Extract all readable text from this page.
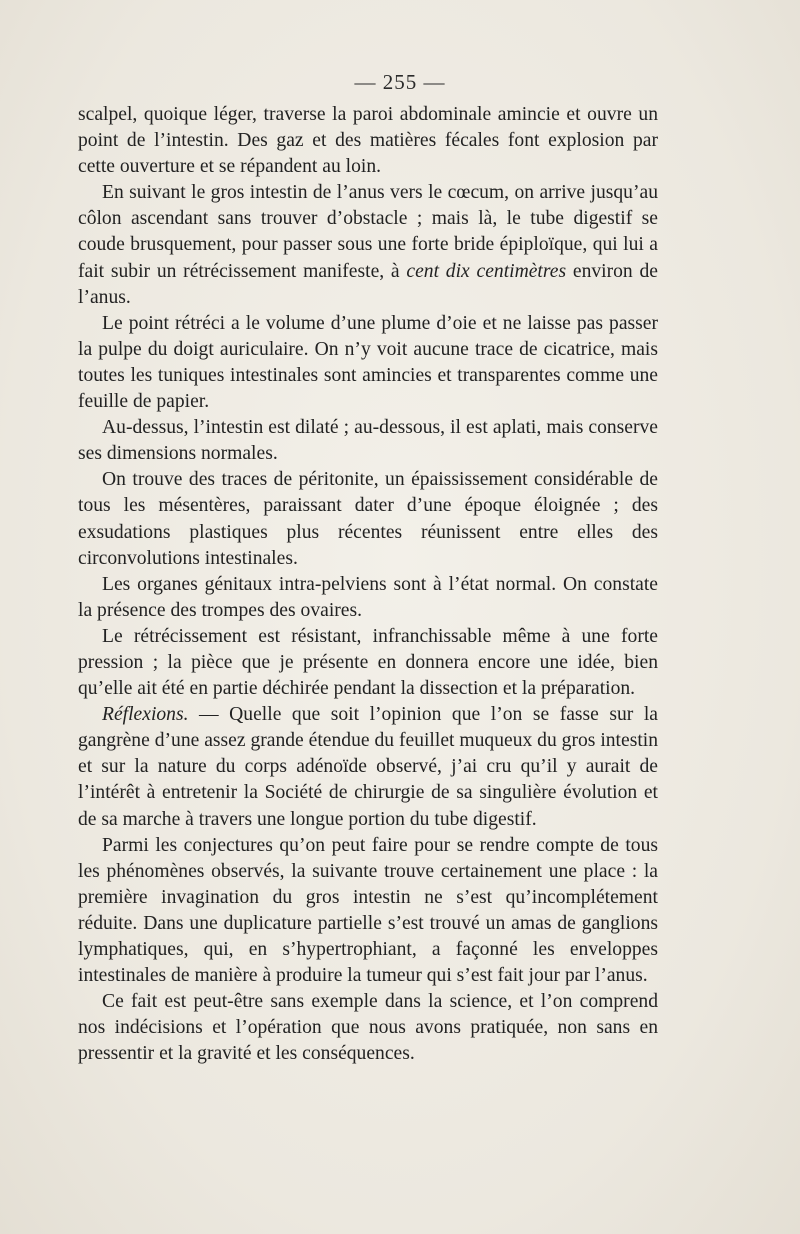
— 255 —

scalpel, quoique léger, traverse la paroi abdominale amincie et ouvre un point de l’intestin. Des gaz et des matières fécales font explosion par cette ouverture et se répandent au loin.

En suivant le gros intestin de l’anus vers le cœcum, on arrive jusqu’au côlon ascendant sans trouver d’obstacle ; mais là, le tube digestif se coude brusquement, pour passer sous une forte bride épiploïque, qui lui a fait subir un rétrécissement manifeste, à cent dix centimètres environ de l’anus.

Le point rétréci a le volume d’une plume d’oie et ne laisse pas passer la pulpe du doigt auriculaire. On n’y voit aucune trace de cicatrice, mais toutes les tuniques intestinales sont amincies et transparentes comme une feuille de papier.

Au-dessus, l’intestin est dilaté ; au-dessous, il est aplati, mais conserve ses dimensions normales.

On trouve des traces de péritonite, un épaississement considérable de tous les mésentères, paraissant dater d’une époque éloignée ; des exsudations plastiques plus récentes réunissent entre elles des circonvolutions intestinales.

Les organes génitaux intra-pelviens sont à l’état normal. On constate la présence des trompes des ovaires.

Le rétrécissement est résistant, infranchissable même à une forte pression ; la pièce que je présente en donnera encore une idée, bien qu’elle ait été en partie déchirée pendant la dissection et la préparation.

Réflexions. — Quelle que soit l’opinion que l’on se fasse sur la gangrène d’une assez grande étendue du feuillet muqueux du gros intestin et sur la nature du corps adénoïde observé, j’ai cru qu’il y aurait de l’intérêt à entretenir la Société de chirurgie de sa singulière évolution et de sa marche à travers une longue portion du tube digestif.

Parmi les conjectures qu’on peut faire pour se rendre compte de tous les phénomènes observés, la suivante trouve certainement une place : la première invagination du gros intestin ne s’est qu’incomplétement réduite. Dans une duplicature partielle s’est trouvé un amas de ganglions lymphatiques, qui, en s’hypertrophiant, a façonné les enveloppes intestinales de manière à produire la tumeur qui s’est fait jour par l’anus.

Ce fait est peut-être sans exemple dans la science, et l’on comprend nos indécisions et l’opération que nous avons pratiquée, non sans en pressentir et la gravité et les conséquences.
